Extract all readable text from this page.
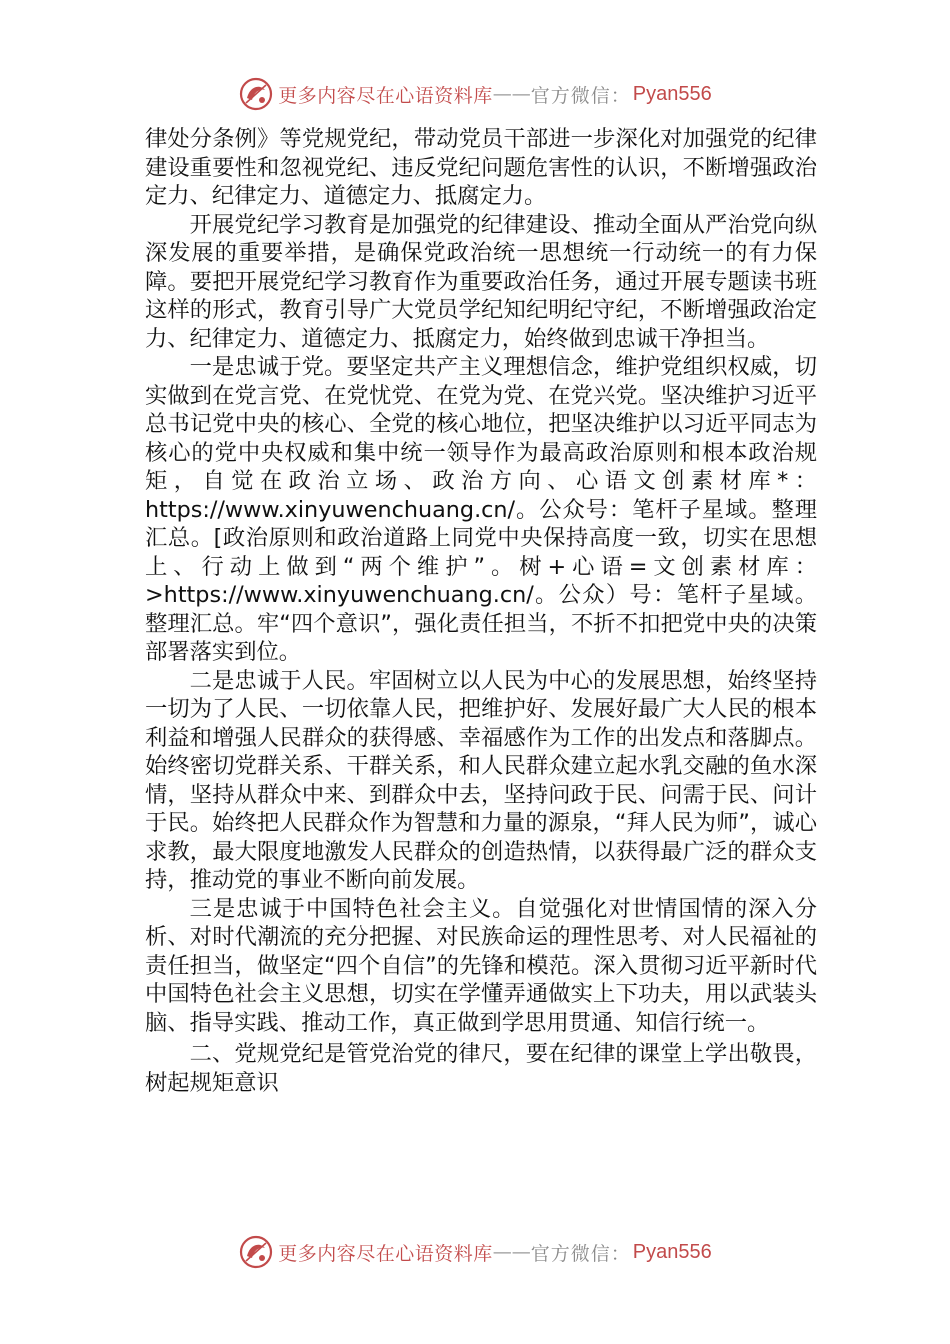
更多内容尽在心语资料库 —— 官方微信： Pyan556

律处分条例》等党规党纪，带动党员干部进一步深化对加强党的纪律建设重要性和忽视党纪、违反党纪问题危害性的认识，不断增强政治定力、纪律定力、道德定力、抵腐定力。

开展党纪学习教育是加强党的纪律建设、推动全面从严治党向纵深发展的重要举措，是确保党政治统一思想统一行动统一的有力保障。要把开展党纪学习教育作为重要政治任务，通过开展专题读书班这样的形式，教育引导广大党员学纪知纪明纪守纪，不断增强政治定力、纪律定力、道德定力、抵腐定力，始终做到忠诚干净担当。

一是忠诚于党。要坚定共产主义理想信念，维护党组织权威，切实做到在党言党、在党忧党、在党为党、在党兴党。坚决维护习近平总书记党中央的核心、全党的核心地位，把坚决维护以习近平同志为核心的党中央权威和集中统一领导作为最高政治原则和根本政治规矩，自觉在政治立场、政治方向、心语文创素材库*：https://www.xinyuwenchuang.cn/。公众号：笔杆子星域。整理汇总。[政治原则和政治道路上同党中央保持高度一致，切实在思想上、行动上做到“两个维护”。树+心语=文创素材库：>https://www.xinyuwenchuang.cn/。公众）号：笔杆子星域。整理汇总。牢“四个意识”，强化责任担当，不折不扣把党中央的决策部署落实到位。

二是忠诚于人民。牢固树立以人民为中心的发展思想，始终坚持一切为了人民、一切依靠人民，把维护好、发展好最广大人民的根本利益和增强人民群众的获得感、幸福感作为工作的出发点和落脚点。始终密切党群关系、干群关系，和人民群众建立起水乳交融的鱼水深情，坚持从群众中来、到群众中去，坚持问政于民、问需于民、问计于民。始终把人民群众作为智慧和力量的源泉，“拜人民为师”，诚心求教，最大限度地激发人民群众的创造热情，以获得最广泛的群众支持，推动党的事业不断向前发展。

三是忠诚于中国特色社会主义。自觉强化对世情国情的深入分析、对时代潮流的充分把握、对民族命运的理性思考、对人民福祉的责任担当，做坚定“四个自信”的先锋和模范。深入贯彻习近平新时代中国特色社会主义思想，切实在学懂弄通做实上下功夫，用以武装头脑、指导实践、推动工作，真正做到学思用贯通、知信行统一。

二、党规党纪是管党治党的律尺，要在纪律的课堂上学出敬畏，树起规矩意识

更多内容尽在心语资料库 —— 官方微信： Pyan556
